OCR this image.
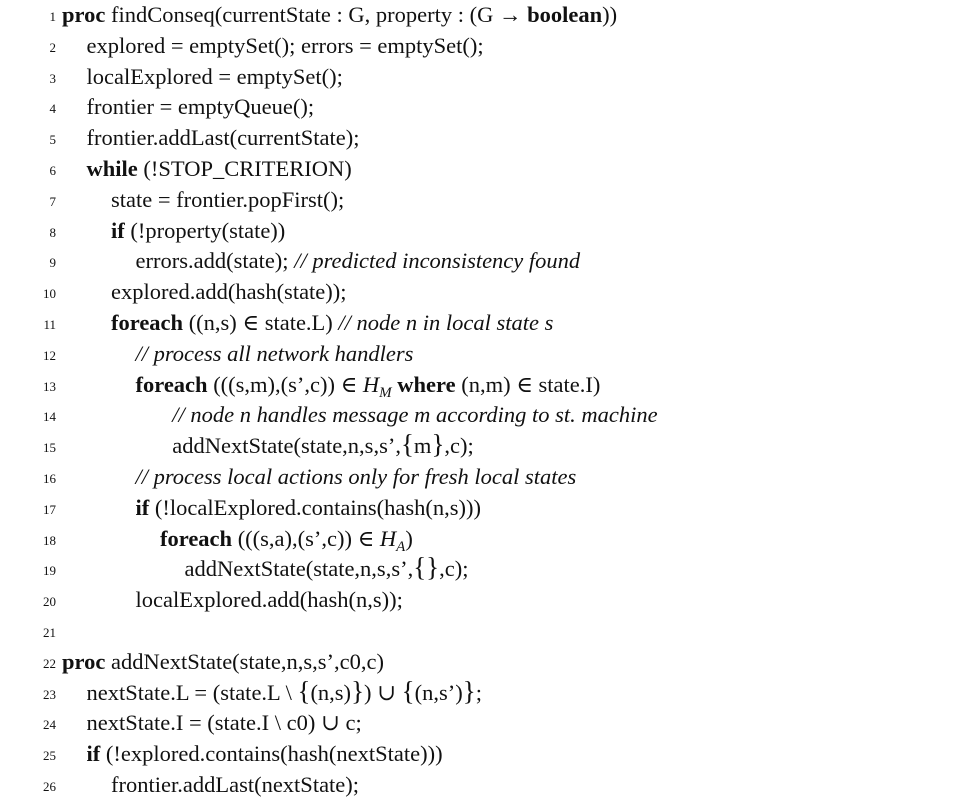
1 proc findConseq(currentState : G, property : (G → boolean))
2 explored = emptySet(); errors = emptySet();
3 localExplored = emptySet();
4 frontier = emptyQueue();
5 frontier.addLast(currentState);
6 while (!STOP_CRITERION)
7 state = frontier.popFirst();
8 if (!property(state))
9	errors.add(state); // predicted inconsistency found
10 explored.add(hash(state));
11 foreach ((n,s) ∈ state.L) // node n in local state s
12	// process all network handlers
13	foreach (((s,m),(s’,c)) ∈ $H_M$ where (n,m) ∈ state.I)
14	// node n handles message m according to st. machine
15	addNextState(state,n,s,s’,{m},c);
16	// process local actions only for fresh local states
17	if (!localExplored.contains(hash(n,s)))
18	foreach (((s,a),(s’,c)) ∈ $H_A$)
19	addNextState(state,n,s,s’,{},c);
20	localExplored.add(hash(n,s));
21
22 proc addNextState(state,n,s,s’,c0,c)
23 nextState.L = (state.L \ {(n,s)}) ∪ {(n,s’)};
24 nextState.I = (state.I \ c0) ∪ c;
25 if (!explored.contains(hash(nextState)))
26 frontier.addLast(nextState);
